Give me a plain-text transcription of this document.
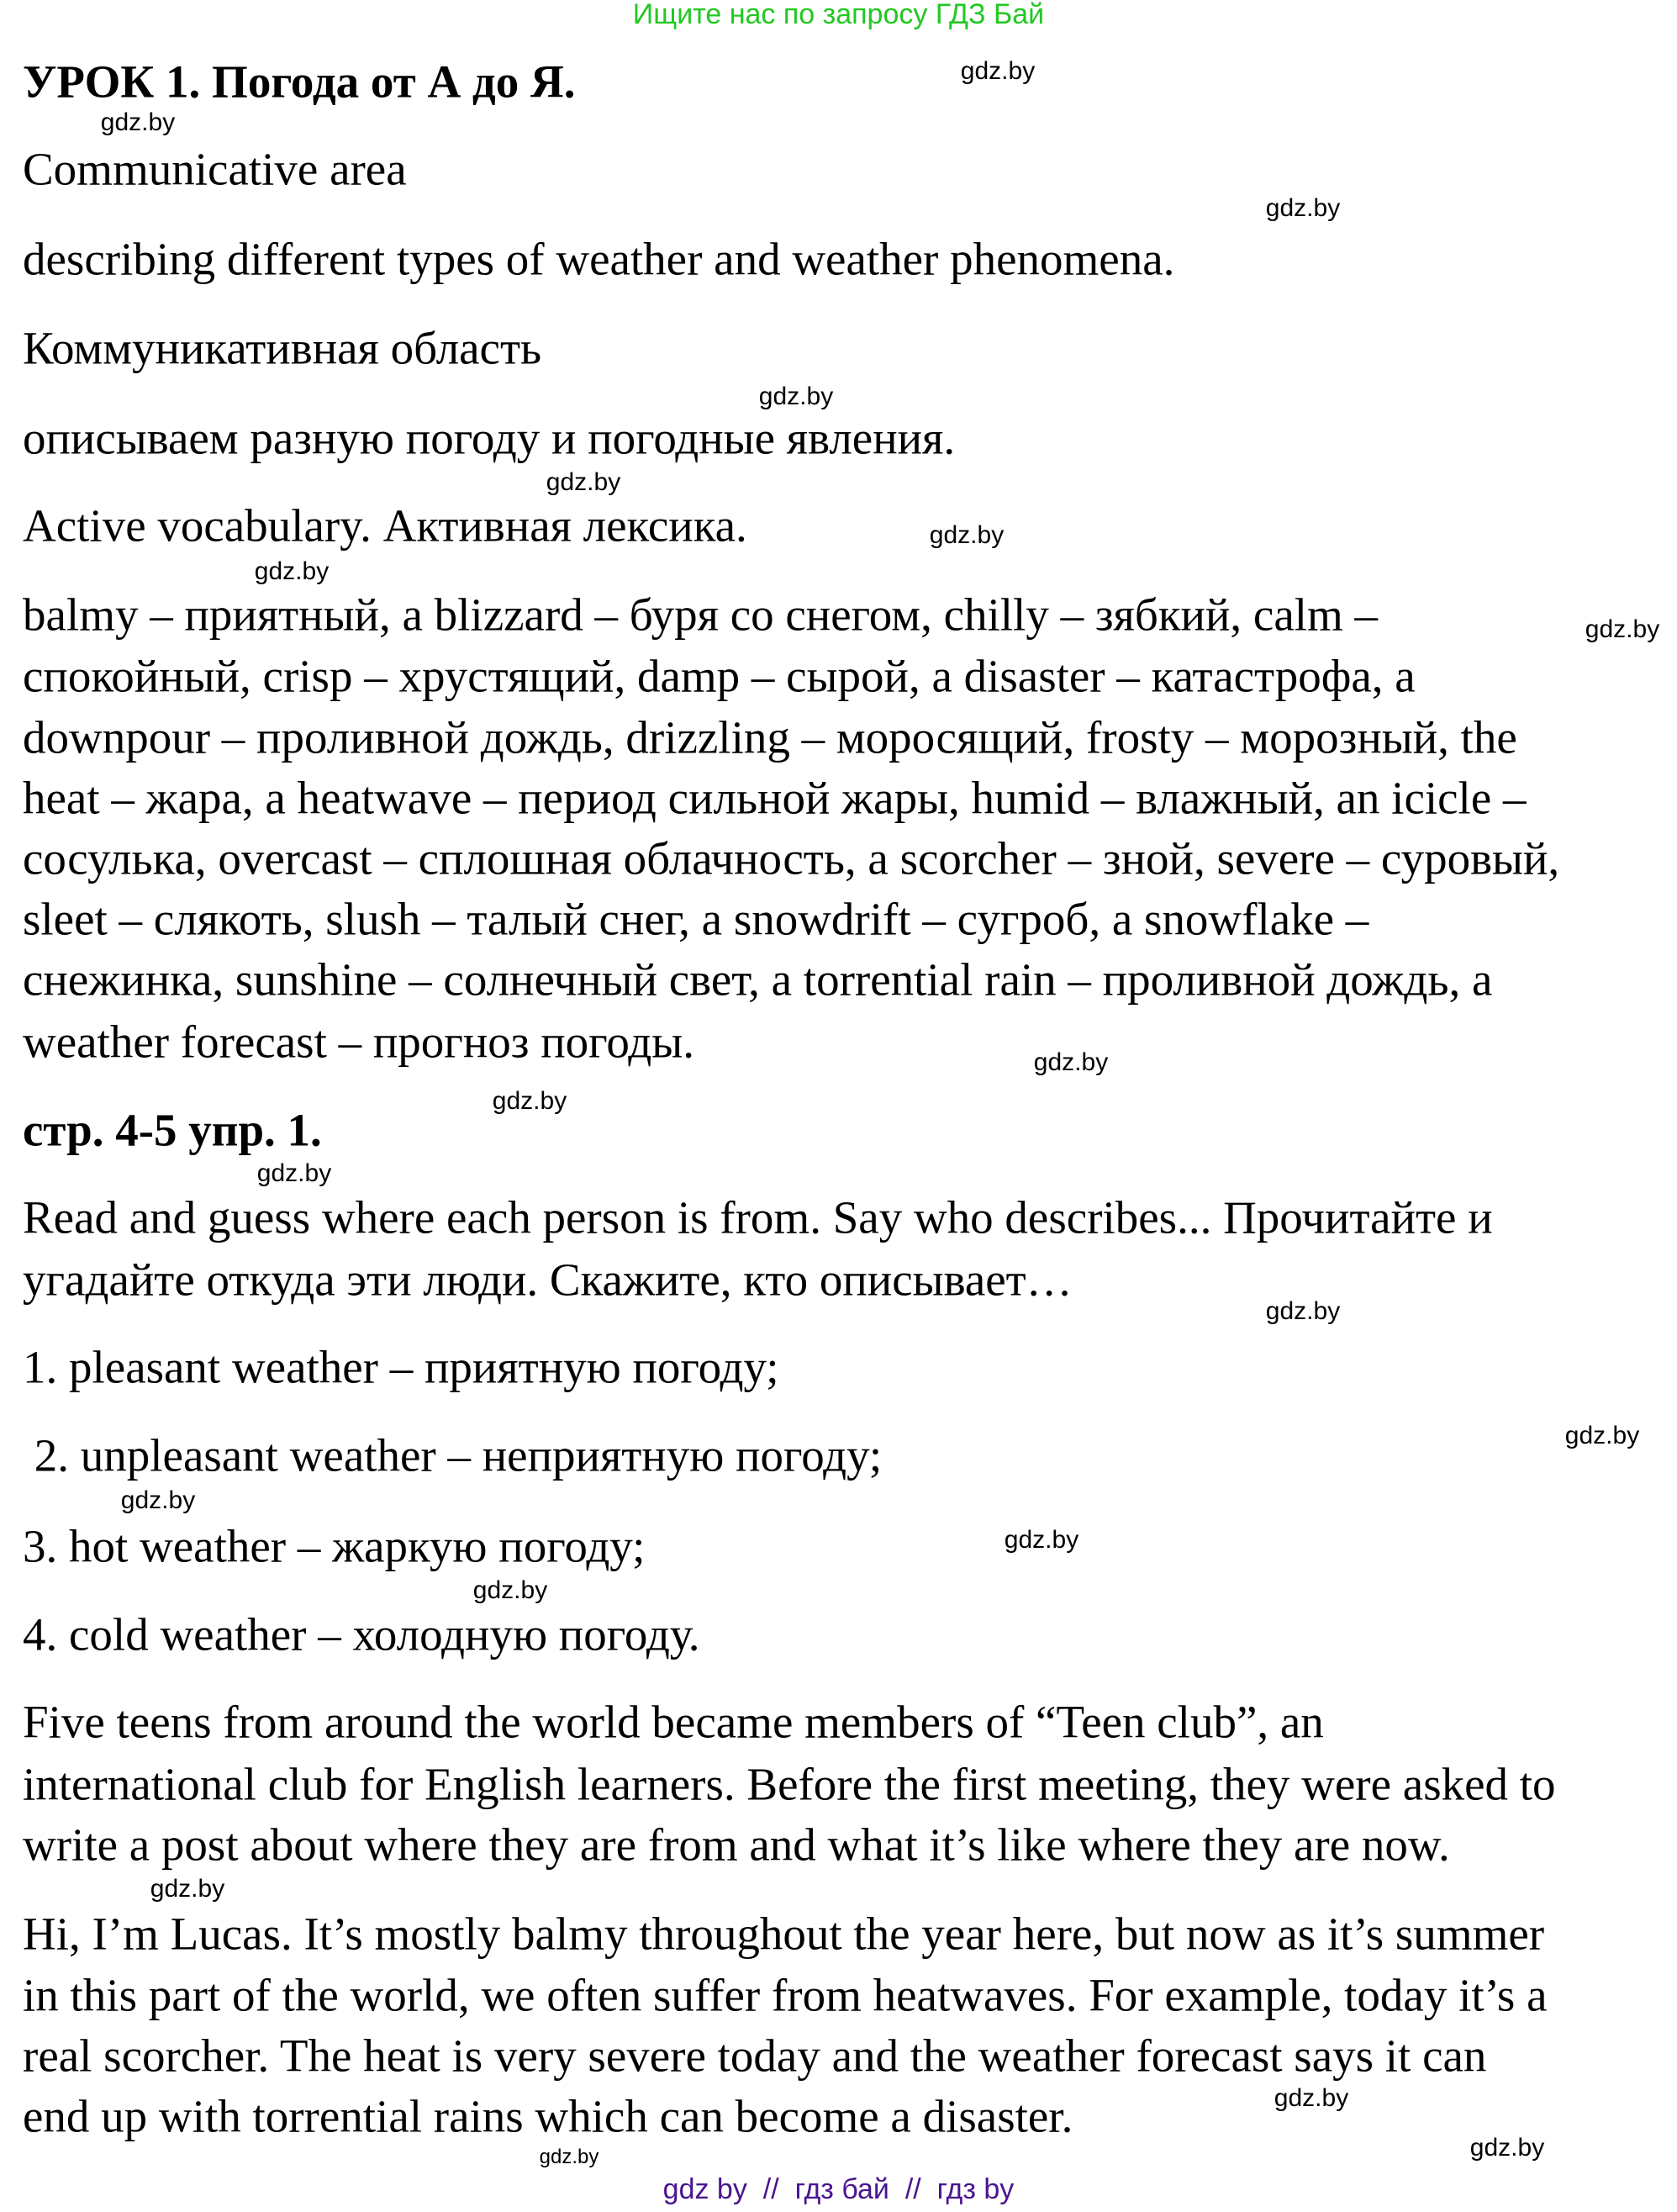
Ищите нас по запросу ГДЗ Бай
УРОК 1. Погода от А до Я.
Communicative area
describing different types of weather and weather phenomena.
Коммуникативная область
описываем разную погоду и погодные явления.
Active vocabulary. Активная лексика.
balmy – приятный, a blizzard – буря со снегом, chilly – зябкий, calm –
спокойный, crisp – хрустящий, damp – сырой, a disaster – катастрофа, a
downpour – проливной дождь, drizzling – моросящий, frosty – морозный, the
heat – жара, a heatwave – период сильной жары, humid – влажный, an icicle –
сосулька, overcast – сплошная облачность, a scorcher – зной, severe – суровый,
sleet – слякоть, slush – талый снег, a snowdrift – сугроб, a snowflake –
снежинка, sunshine – солнечный свет, a torrential rain – проливной дождь, a
weather forecast – прогноз погоды.
стр. 4-5 упр. 1.
Read and guess where each person is from. Say who describes... Прочитайте и
угадайте откуда эти люди. Скажите, кто описывает…
1. pleasant weather – приятную погоду;
2. unpleasant weather – неприятную погоду;
3. hot weather – жаркую погоду;
4. cold weather – холодную погоду.
Five teens from around the world became members of “Teen club”, an
international club for English learners. Before the first meeting, they were asked to
write a post about where they are from and what it’s like where they are now.
Hi, I’m Lucas. It’s mostly balmy throughout the year here, but now as it’s summer
in this part of the world, we often suffer from heatwaves. For example, today it’s a
real scorcher. The heat is very severe today and the weather forecast says it can
end up with torrential rains which can become a disaster.
gdz.by
gdz.by
gdz.by
gdz.by
gdz.by
gdz.by
gdz.by
gdz.by
gdz.by
gdz.by
gdz.by
gdz.by
gdz.by
gdz.by
gdz.by
gdz.by
gdz.by
gdz.by
gdz.by
gdz.by
gdz by // гдз бай // гдз by
